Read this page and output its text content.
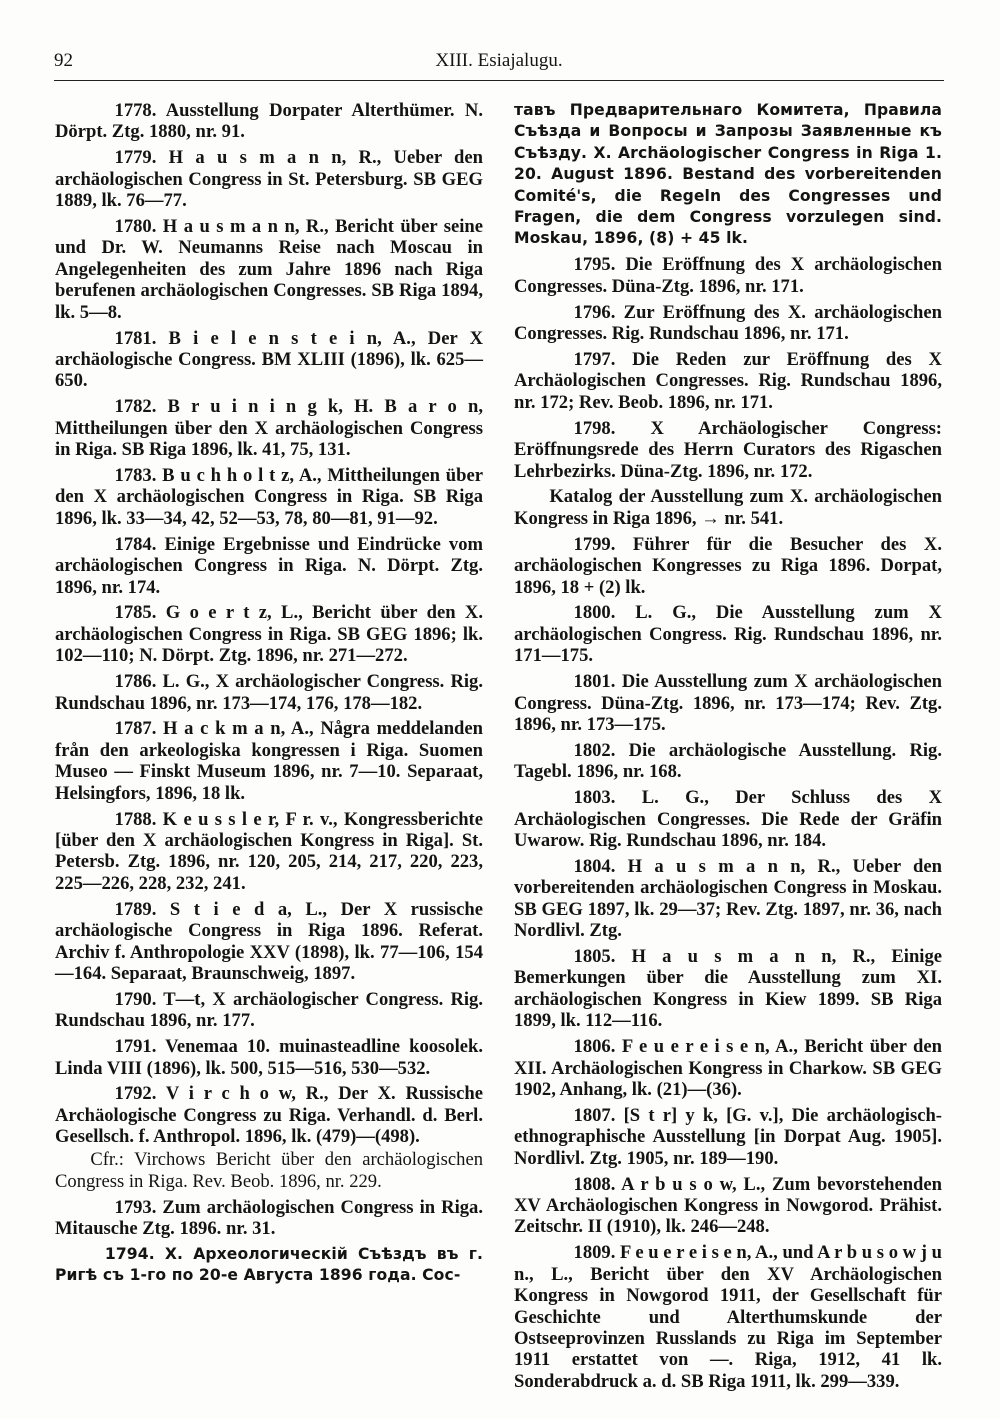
92	XIII. Esiajalugu.

1778. Ausstellung Dorpater Alterthümer. N. Dörpt. Ztg. 1880, nr. 91.

1779. H a u s m a n n, R., Ueber den archäologischen Congress in St. Petersburg. SB GEG 1889, lk. 76—77.

1780. H a u s m a n n, R., Bericht über seine und Dr. W. Neumanns Reise nach Moscau in Angelegenheiten des zum Jahre 1896 nach Riga berufenen archäologischen Congresses. SB Riga 1894, lk. 5—8.

1781. B i e l e n s t e i n, A., Der X archäologische Congress. BM XLIII (1896), lk. 625—650.

1782. B r u i n i n g k, H. B a r o n, Mittheilungen über den X archäologischen Congress in Riga. SB Riga 1896, lk. 41, 75, 131.

1783. B u c h h o l t z, A., Mittheilungen über den X archäologischen Congress in Riga. SB Riga 1896, lk. 33—34, 42, 52—53, 78, 80—81, 91—92.

1784. Einige Ergebnisse und Eindrücke vom archäologischen Congress in Riga. N. Dörpt. Ztg. 1896, nr. 174.

1785. G o e r t z, L., Bericht über den X. archäologischen Congress in Riga. SB GEG 1896; lk. 102—110; N. Dörpt. Ztg. 1896, nr. 271—272.

1786. L. G., X archäologischer Congress. Rig. Rundschau 1896, nr. 173—174, 176, 178—182.

1787. H a c k m a n, A., Några meddelanden från den arkeologiska kongressen i Riga. Suomen Museo — Finskt Museum 1896, nr. 7—10. Separaat, Helsingfors, 1896, 18 lk.

1788. K e u s s l e r, F r. v., Kongressberichte [über den X archäologischen Kongress in Riga]. St. Petersb. Ztg. 1896, nr. 120, 205, 214, 217, 220, 223, 225—226, 228, 232, 241.

1789. S t i e d a, L., Der X russische archäologische Congress in Riga 1896. Referat. Archiv f. Anthropologie XXV (1898), lk. 77—106, 154—164. Separaat, Braunschweig, 1897.

1790. T—t, X archäologischer Congress. Rig. Rundschau 1896, nr. 177.

1791. Venemaa 10. muinasteadline koosolek. Linda VIII (1896), lk. 500, 515—516, 530—532.

1792. V i r c h o w, R., Der X. Russische Archäologische Congress zu Riga. Verhandl. d. Berl. Gesellsch. f. Anthropol. 1896, lk. (479)—(498).

Cfr.: Virchows Bericht über den archäologischen Congress in Riga. Rev. Beob. 1896, nr. 229.

1793. Zum archäologischen Congress in Riga. Mitausche Ztg. 1896. nr. 31.

1794. Х. Археологическій Съѣздъ въ г. Ригѣ съ 1-го по 20-е Августа 1896 года. Сос-

тавъ Предварительнаго Комитета, Правила Съѣзда и Вопросы и Запрозы Заявленные къ Съѣзду. X. Archäologischer Congress in Riga 1. 20. August 1896. Bestand des vorbereitenden Comité's, die Regeln des Congresses und Fragen, die dem Congress vorzulegen sind. Moskau, 1896, (8) + 45 lk.

1795. Die Eröffnung des X archäologischen Congresses. Düna-Ztg. 1896, nr. 171.

1796. Zur Eröffnung des X. archäologischen Congresses. Rig. Rundschau 1896, nr. 171.

1797. Die Reden zur Eröffnung des X Archäologischen Congresses. Rig. Rundschau 1896, nr. 172; Rev. Beob. 1896, nr. 171.

1798. X Archäologischer Congress: Eröffnungsrede des Herrn Curators des Rigaschen Lehrbezirks. Düna-Ztg. 1896, nr. 172.

Katalog der Ausstellung zum X. archäologischen Kongress in Riga 1896, → nr. 541.

1799. Führer für die Besucher des X. archäologischen Kongresses zu Riga 1896. Dorpat, 1896, 18 + (2) lk.

1800. L. G., Die Ausstellung zum X archäologischen Congress. Rig. Rundschau 1896, nr. 171—175.

1801. Die Ausstellung zum X archäologischen Congress. Düna-Ztg. 1896, nr. 173—174; Rev. Ztg. 1896, nr. 173—175.

1802. Die archäologische Ausstellung. Rig. Tagebl. 1896, nr. 168.

1803. L. G., Der Schluss des X Archäologischen Congresses. Die Rede der Gräfin Uwarow. Rig. Rundschau 1896, nr. 184.

1804. H a u s m a n n, R., Ueber den vorbereitenden archäologischen Congress in Moskau. SB GEG 1897, lk. 29—37; Rev. Ztg. 1897, nr. 36, nach Nordlivl. Ztg.

1805. H a u s m a n n, R., Einige Bemerkungen über die Ausstellung zum XI. archäologischen Kongress in Kiew 1899. SB Riga 1899, lk. 112—116.

1806. F e u e r e i s e n, A., Bericht über den XII. Archäologischen Kongress in Charkow. SB GEG 1902, Anhang, lk. (21)—(36).

1807. [S t r] y k, [G. v.], Die archäologisch-ethnographische Ausstellung [in Dorpat Aug. 1905]. Nordlivl. Ztg. 1905, nr. 189—190.

1808. A r b u s o w, L., Zum bevorstehenden XV Archäologischen Kongress in Nowgorod. Prähist. Zeitschr. II (1910), lk. 246—248.

1809. F e u e r e i s e n, A., und A r b u s o w j u n., L., Bericht über den XV Archäologischen Kongress in Nowgorod 1911, der Gesellschaft für Geschichte und Alterthumskunde der Ostseeprovinzen Russlands zu Riga im September 1911 erstattet von —. Riga, 1912, 41 lk. Sonderabdruck a. d. SB Riga 1911, lk. 299—339.
